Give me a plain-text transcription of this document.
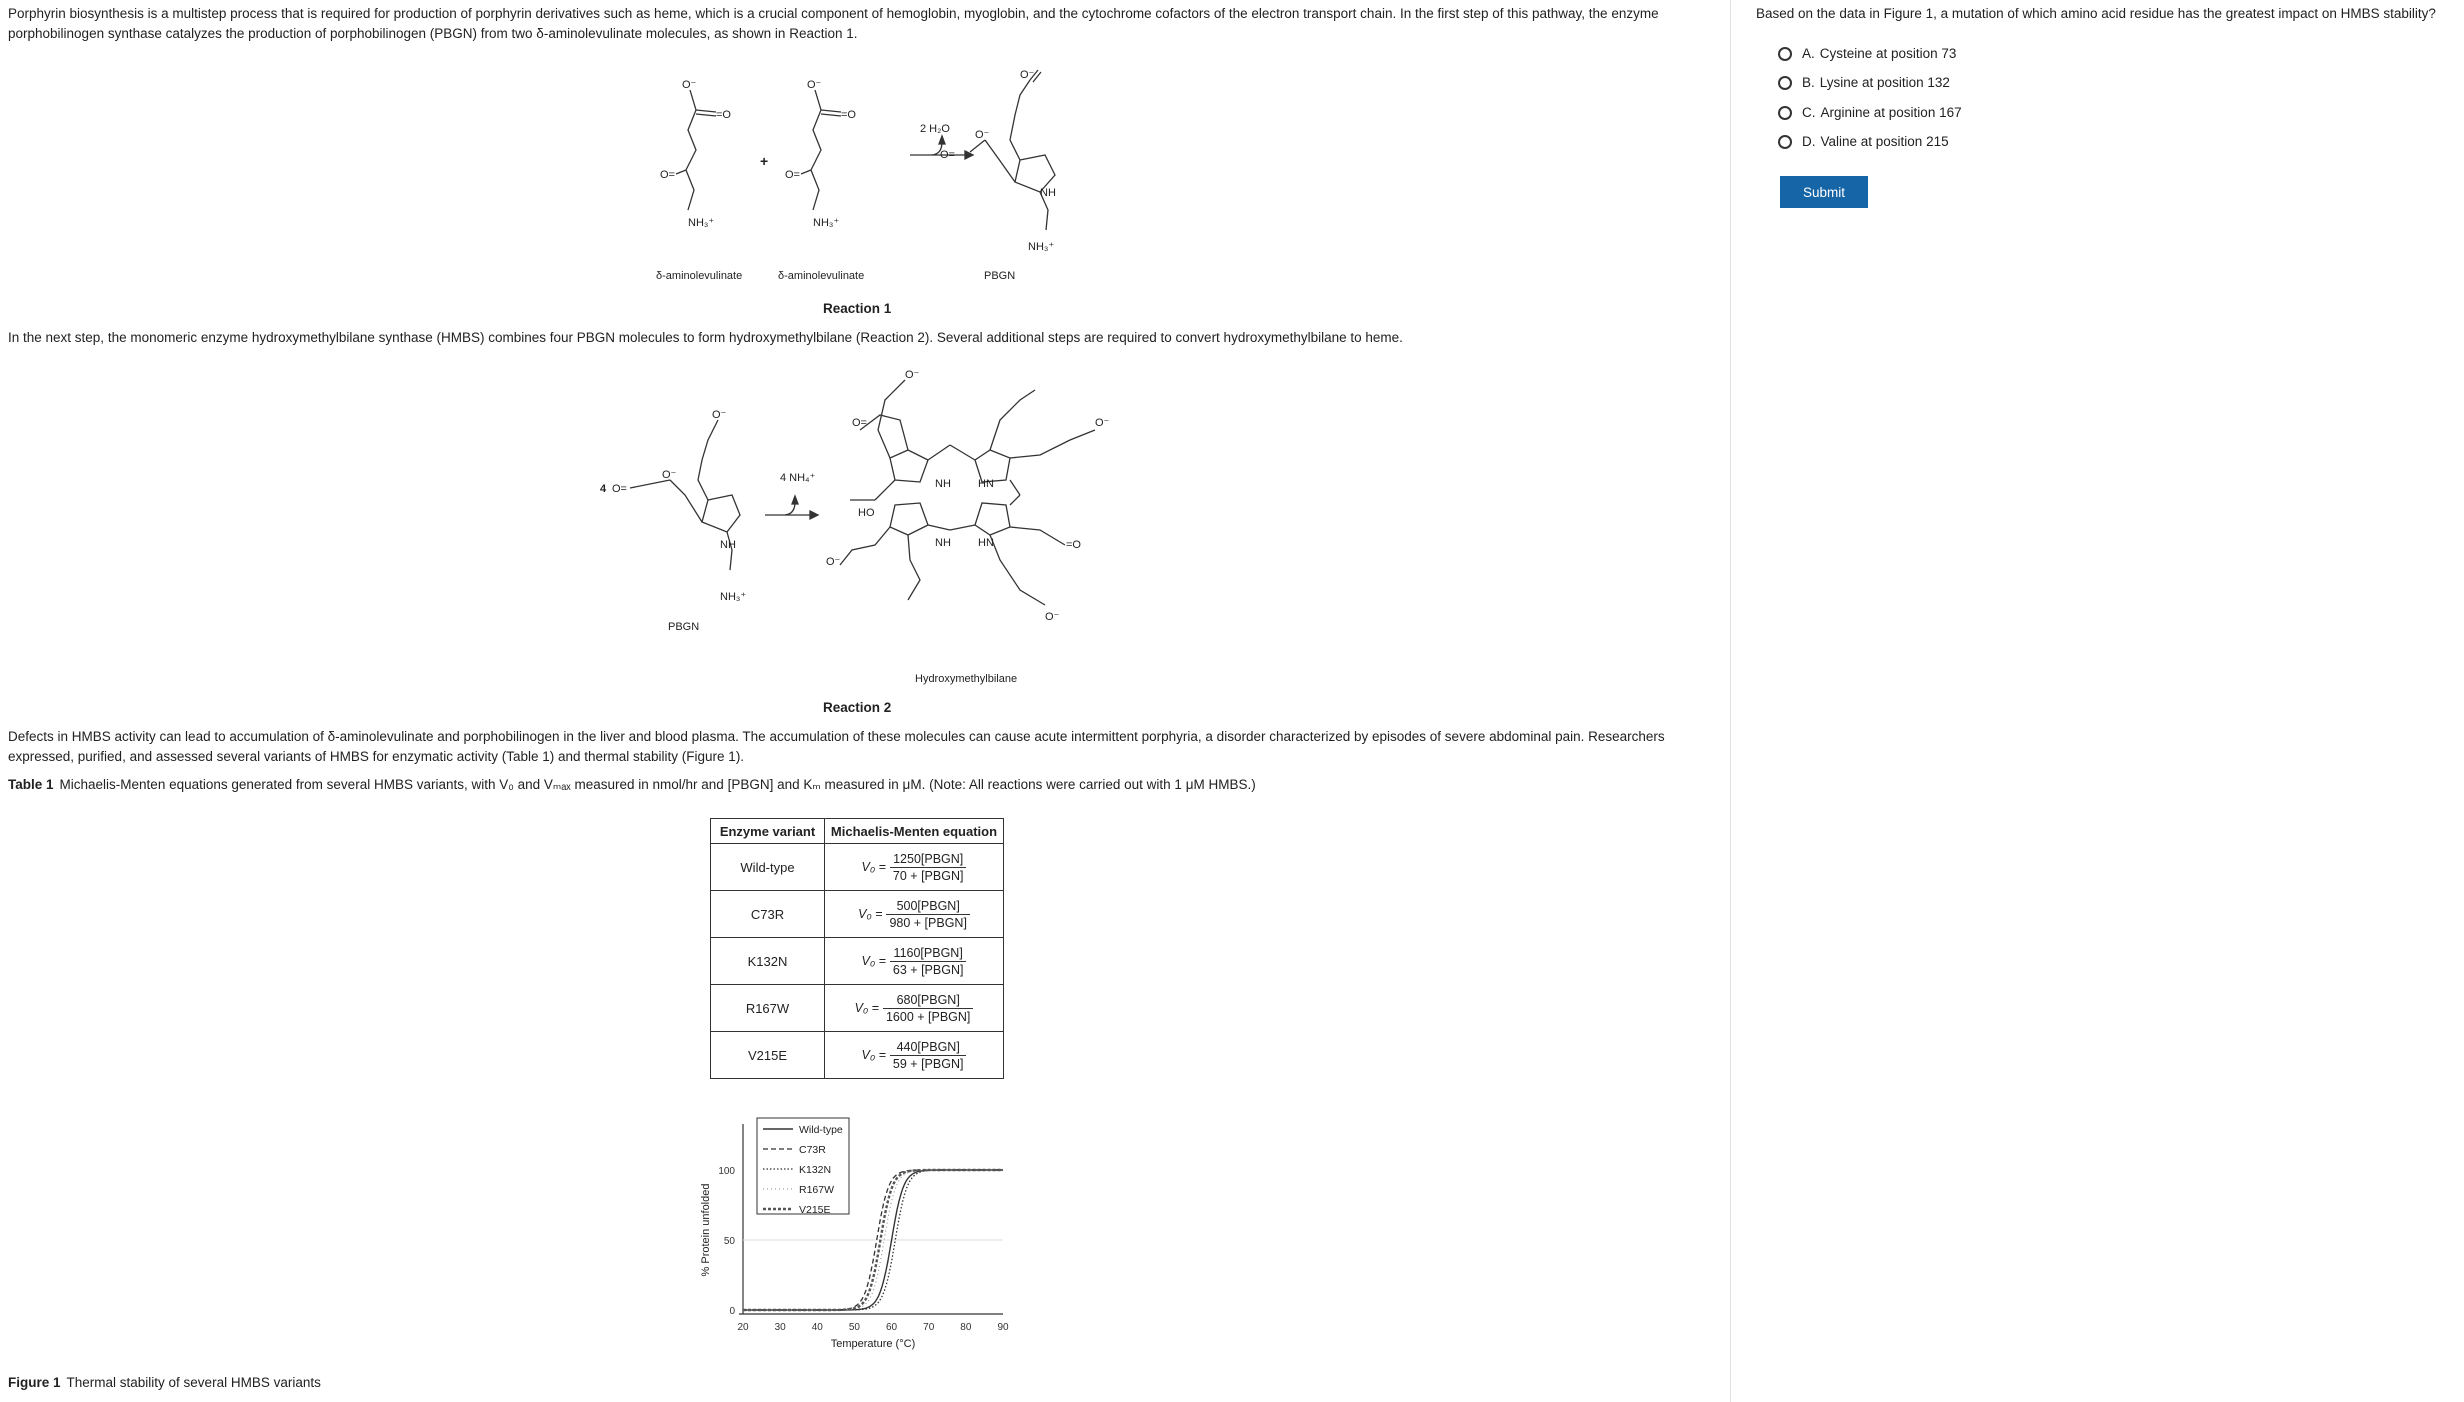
Porphyrin biosynthesis is a multistep process that is required for production of porphyrin derivatives such as heme, which is a crucial component of hemoglobin, myoglobin, and the cytochrome cofactors of the electron transport chain. In the first step of this pathway, the enzyme porphobilinogen synthase catalyzes the production of porphobilinogen (PBGN) from two δ-aminolevulinate molecules, as shown in Reaction 1.

O⁻
=O
O=
NH₃⁺
+
O⁻
=O
O=
NH₃⁺
2 H₂O
O⁻
O⁻
O=
NH
NH₃⁺
δ-aminolevulinate	δ-aminolevulinate	PBGN
Reaction 1

In the next step, the monomeric enzyme hydroxymethylbilane synthase (HMBS) combines four PBGN molecules to form hydroxymethylbilane (Reaction 2). Several additional steps are required to convert hydroxymethylbilane to heme.

O⁻
O⁻
4 O=
NH
NH₃⁺
PBGN
4 NH₄⁺
HO
NH HN
NH HN
O=
O⁻
O⁻
=O
O⁻
O⁻
Hydroxymethylbilane
Reaction 2

Defects in HMBS activity can lead to accumulation of δ-aminolevulinate and porphobilinogen in the liver and blood plasma. The accumulation of these molecules can cause acute intermittent porphyria, a disorder characterized by episodes of severe abdominal pain. Researchers expressed, purified, and assessed several variants of HMBS for enzymatic activity (Table 1) and thermal stability (Figure 1).

Table 1 Michaelis-Menten equations generated from several HMBS variants, with V₀ and Vₘₐₓ measured in nmol/hr and [PBGN] and Kₘ measured in μM. (Note: All reactions were carried out with 1 μM HMBS.)
Enzyme variant	Michaelis-Menten equation
Wild-type	$V_0 = \frac{\text{1250[PBGN]}}{\text{70 + [PBGN]}}$

C73R	$V_0 = \frac{\text{500[PBGN]}}{\text{980 + [PBGN]}}$

K132N	$V_0 = \frac{\text{1160[PBGN]}}{\text{63 + [PBGN]}}$

R167W	$V_0 = \frac{\text{680[PBGN]}}{\text{1600 + [PBGN]}}$

V215E	$V_0 = \frac{\text{440[PBGN]}}{\text{59 + [PBGN]}}$
0
50
100
20	30	40	50	60	70	80	90
Temperature (°C)
% Protein unfolded
Wild-type
C73R
K132N
R167W
V215E
Figure 1 Thermal stability of several HMBS variants
Based on the data in Figure 1, a mutation of which amino acid residue has the greatest impact on HMBS stability?
A. Cysteine at position 73
B. Lysine at position 132
C. Arginine at position 167
D. Valine at position 215
Submit
